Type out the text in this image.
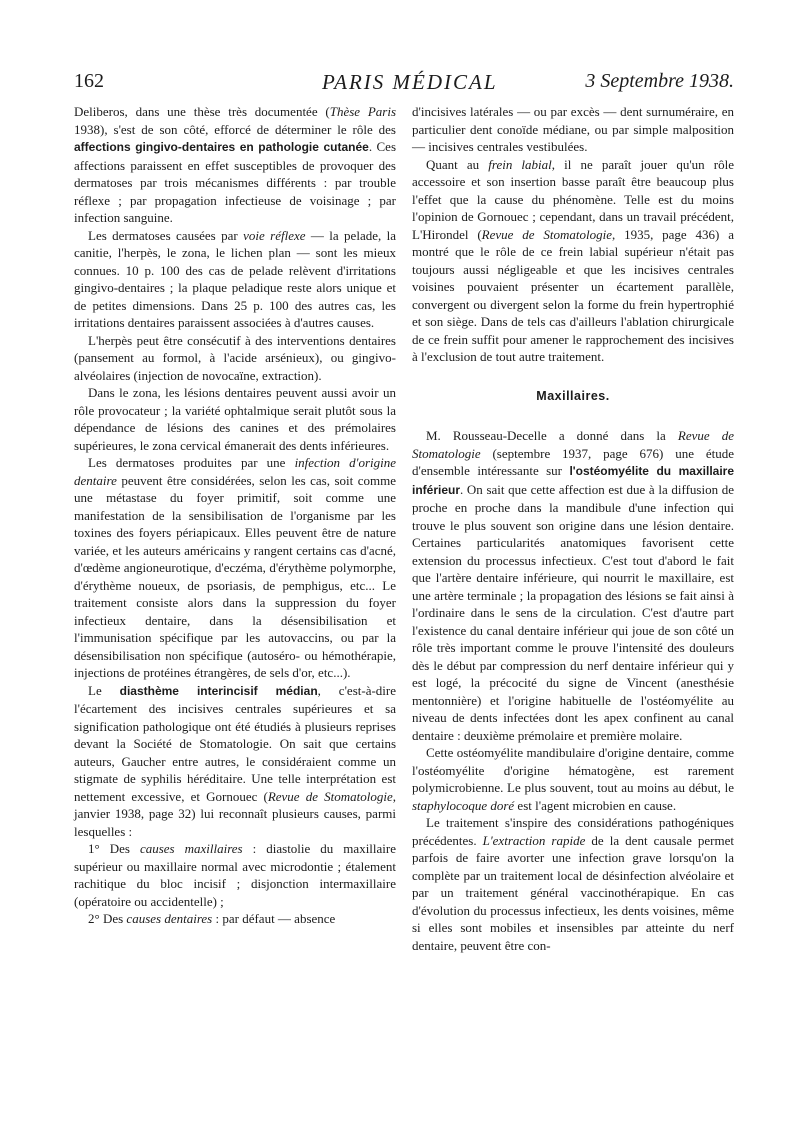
162	PARIS MÉDICAL	3 Septembre 1938.

Deliberos, dans une thèse très documentée (Thèse Paris 1938), s'est de son côté, efforcé de déterminer le rôle des affections gingivo-dentaires en pathologie cutanée. Ces affections paraissent en effet susceptibles de provoquer des dermatoses par trois mécanismes différents : par trouble réflexe ; par propagation infectieuse de voisinage ; par infection sanguine.

Les dermatoses causées par voie réflexe — la pelade, la canitie, l'herpès, le zona, le lichen plan — sont les mieux connues. 10 p. 100 des cas de pelade relèvent d'irritations gingivo-dentaires ; la plaque peladique reste alors unique et de petites dimensions. Dans 25 p. 100 des autres cas, les irritations dentaires paraissent associées à d'autres causes.

L'herpès peut être consécutif à des interventions dentaires (pansement au formol, à l'acide arsénieux), ou gingivo-alvéolaires (injection de novocaïne, extraction).

Dans le zona, les lésions dentaires peuvent aussi avoir un rôle provocateur ; la variété ophtalmique serait plutôt sous la dépendance de lésions des canines et des prémolaires supérieures, le zona cervical émanerait des dents inférieures.

Les dermatoses produites par une infection d'origine dentaire peuvent être considérées, selon les cas, soit comme une métastase du foyer primitif, soit comme une manifestation de la sensibilisation de l'organisme par les toxines des foyers périapicaux. Elles peuvent être de nature variée, et les auteurs américains y rangent certains cas d'acné, d'œdème angioneurotique, d'eczéma, d'érythème polymorphe, d'érythème noueux, de psoriasis, de pemphigus, etc... Le traitement consiste alors dans la suppression du foyer infectieux dentaire, dans la désensibilisation et l'immunisation spécifique par les autovaccins, ou par la désensibilisation non spécifique (autoséro- ou hémothérapie, injections de protéines étrangères, de sels d'or, etc...).

Le diasthème interincisif médian, c'est-à-dire l'écartement des incisives centrales supérieures et sa signification pathologique ont été étudiés à plusieurs reprises devant la Société de Stomatologie. On sait que certains auteurs, Gaucher entre autres, le considéraient comme un stigmate de syphilis héréditaire. Une telle interprétation est nettement excessive, et Gornouec (Revue de Stomatologie, janvier 1938, page 32) lui reconnaît plusieurs causes, parmi lesquelles :

1° Des causes maxillaires : diastolie du maxillaire supérieur ou maxillaire normal avec microdontie ; étalement rachitique du bloc incisif ; disjonction intermaxillaire (opératoire ou accidentelle) ;

2° Des causes dentaires : par défaut — absence

d'incisives latérales — ou par excès — dent surnuméraire, en particulier dent conoïde médiane, ou par simple malposition — incisives centrales vestibulées.

Quant au frein labial, il ne paraît jouer qu'un rôle accessoire et son insertion basse paraît être beaucoup plus l'effet que la cause du phénomène. Telle est du moins l'opinion de Gornouec ; cependant, dans un travail précédent, L'Hirondel (Revue de Stomatologie, 1935, page 436) a montré que le rôle de ce frein labial supérieur n'était pas toujours aussi négligeable et que les incisives centrales voisines pouvaient présenter un écartement parallèle, convergent ou divergent selon la forme du frein hypertrophié et son siège. Dans de tels cas d'ailleurs l'ablation chirurgicale de ce frein suffit pour amener le rapprochement des incisives à l'exclusion de tout autre traitement.

Maxillaires.

M. Rousseau-Decelle a donné dans la Revue de Stomatologie (septembre 1937, page 676) une étude d'ensemble intéressante sur l'ostéomyélite du maxillaire inférieur. On sait que cette affection est due à la diffusion de proche en proche dans la mandibule d'une infection qui trouve le plus souvent son origine dans une lésion dentaire. Certaines particularités anatomiques favorisent cette extension du processus infectieux. C'est tout d'abord le fait que l'artère dentaire inférieure, qui nourrit le maxillaire, est une artère terminale ; la propagation des lésions se fait ainsi à l'ordinaire dans le sens de la circulation. C'est d'autre part l'existence du canal dentaire inférieur qui joue de son côté un rôle très important comme le prouve l'intensité des douleurs dès le début par compression du nerf dentaire inférieur qui y est logé, la précocité du signe de Vincent (anesthésie mentonnière) et l'origine habituelle de l'ostéomyélite au niveau de dents infectées dont les apex confinent au canal dentaire : deuxième prémolaire et première molaire.

Cette ostéomyélite mandibulaire d'origine dentaire, comme l'ostéomyélite d'origine hématogène, est rarement polymicrobienne. Le plus souvent, tout au moins au début, le staphylocoque doré est l'agent microbien en cause.

Le traitement s'inspire des considérations pathogéniques précédentes. L'extraction rapide de la dent causale permet parfois de faire avorter une infection grave lorsqu'on la complète par un traitement local de désinfection alvéolaire et par un traitement général vaccinothérapique. En cas d'évolution du processus infectieux, les dents voisines, même si elles sont mobiles et insensibles par atteinte du nerf dentaire, peuvent être con-
